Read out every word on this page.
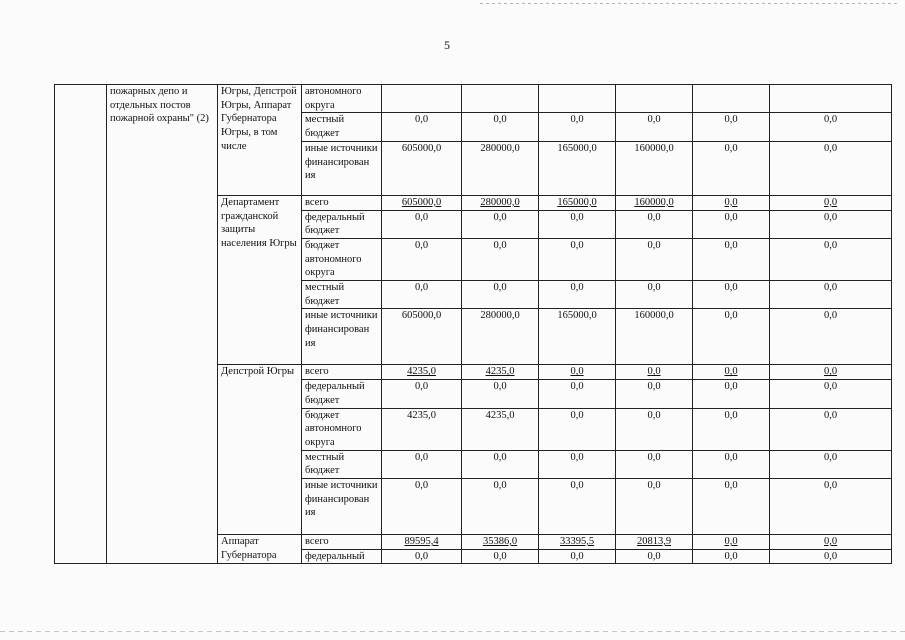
5
	пожарных депо и отдельных постов пожарной охраны" (2)	Югры, Депстрой Югры, Аппарат Губернатора Югры, в том числе	автономного округа						
			местный бюджет	0,0	0,0	0,0	0,0	0,0	0,0
			иные источники финансирован ия	605000,0	280000,0	165000,0	160000,0	0,0	0,0
		Департамент гражданской защиты населения Югры	всего	605000,0	280000,0	165000,0	160000,0	0,0	0,0
			федеральный бюджет	0,0	0,0	0,0	0,0	0,0	0,0
			бюджет автономного округа	0,0	0,0	0,0	0,0	0,0	0,0
			местный бюджет	0,0	0,0	0,0	0,0	0,0	0,0
			иные источники финансирован ия	605000,0	280000,0	165000,0	160000,0	0,0	0,0
		Депстрой Югры	всего	4235,0	4235,0	0,0	0,0	0,0	0,0
			федеральный бюджет	0,0	0,0	0,0	0,0	0,0	0,0
			бюджет автономного округа	4235,0	4235,0	0,0	0,0	0,0	0,0
			местный бюджет	0,0	0,0	0,0	0,0	0,0	0,0
			иные источники финансирован ия	0,0	0,0	0,0	0,0	0,0	0,0
		Аппарат Губернатора	всего	89595,4	35386,0	33395,5	20813,9	0,0	0,0
			федеральный	0,0	0,0	0,0	0,0	0,0	0,0
